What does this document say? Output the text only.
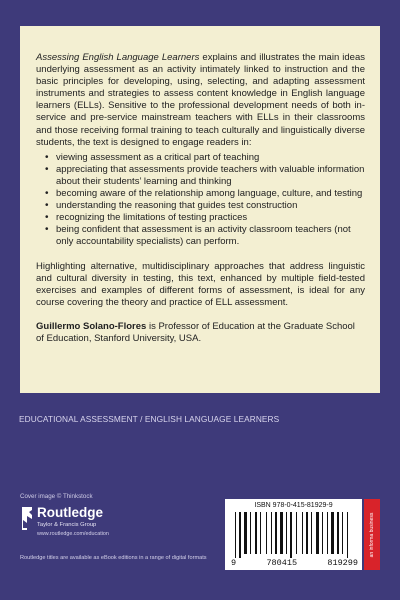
Assessing English Language Learners explains and illustrates the main ideas underlying assessment as an activity intimately linked to instruction and the basic principles for developing, using, selecting, and adapting assessment instruments and strategies to assess content knowledge in English language learners (ELLs). Sensitive to the professional development needs of both in-service and pre-service mainstream teachers with ELLs in their classrooms and those receiving formal training to teach culturally and linguistically diverse students, the text is designed to engage readers in:

• viewing assessment as a critical part of teaching
• appreciating that assessments provide teachers with valuable information about their students’ learning and thinking
• becoming aware of the relationship among language, culture, and testing
• understanding the reasoning that guides test construction
• recognizing the limitations of testing practices
• being confident that assessment is an activity classroom teachers (not only accountability specialists) can perform.

Highlighting alternative, multidisciplinary approaches that address linguistic and cultural diversity in testing, this text, enhanced by multiple field-tested exercises and examples of different forms of assessment, is ideal for any course covering the theory and practice of ELL assessment.

Guillermo Solano-Flores is Professor of Education at the Graduate School of Education, Stanford University, USA.

EDUCATIONAL ASSESSMENT / ENGLISH LANGUAGE LEARNERS
Cover image © Thinkstock
Routledge
Taylor & Francis Group
www.routledge.com/education
Routledge titles are available as eBook editions in a range of digital formats
ISBN 978-0-415-81929-9
9	780415	819299
an informa business
